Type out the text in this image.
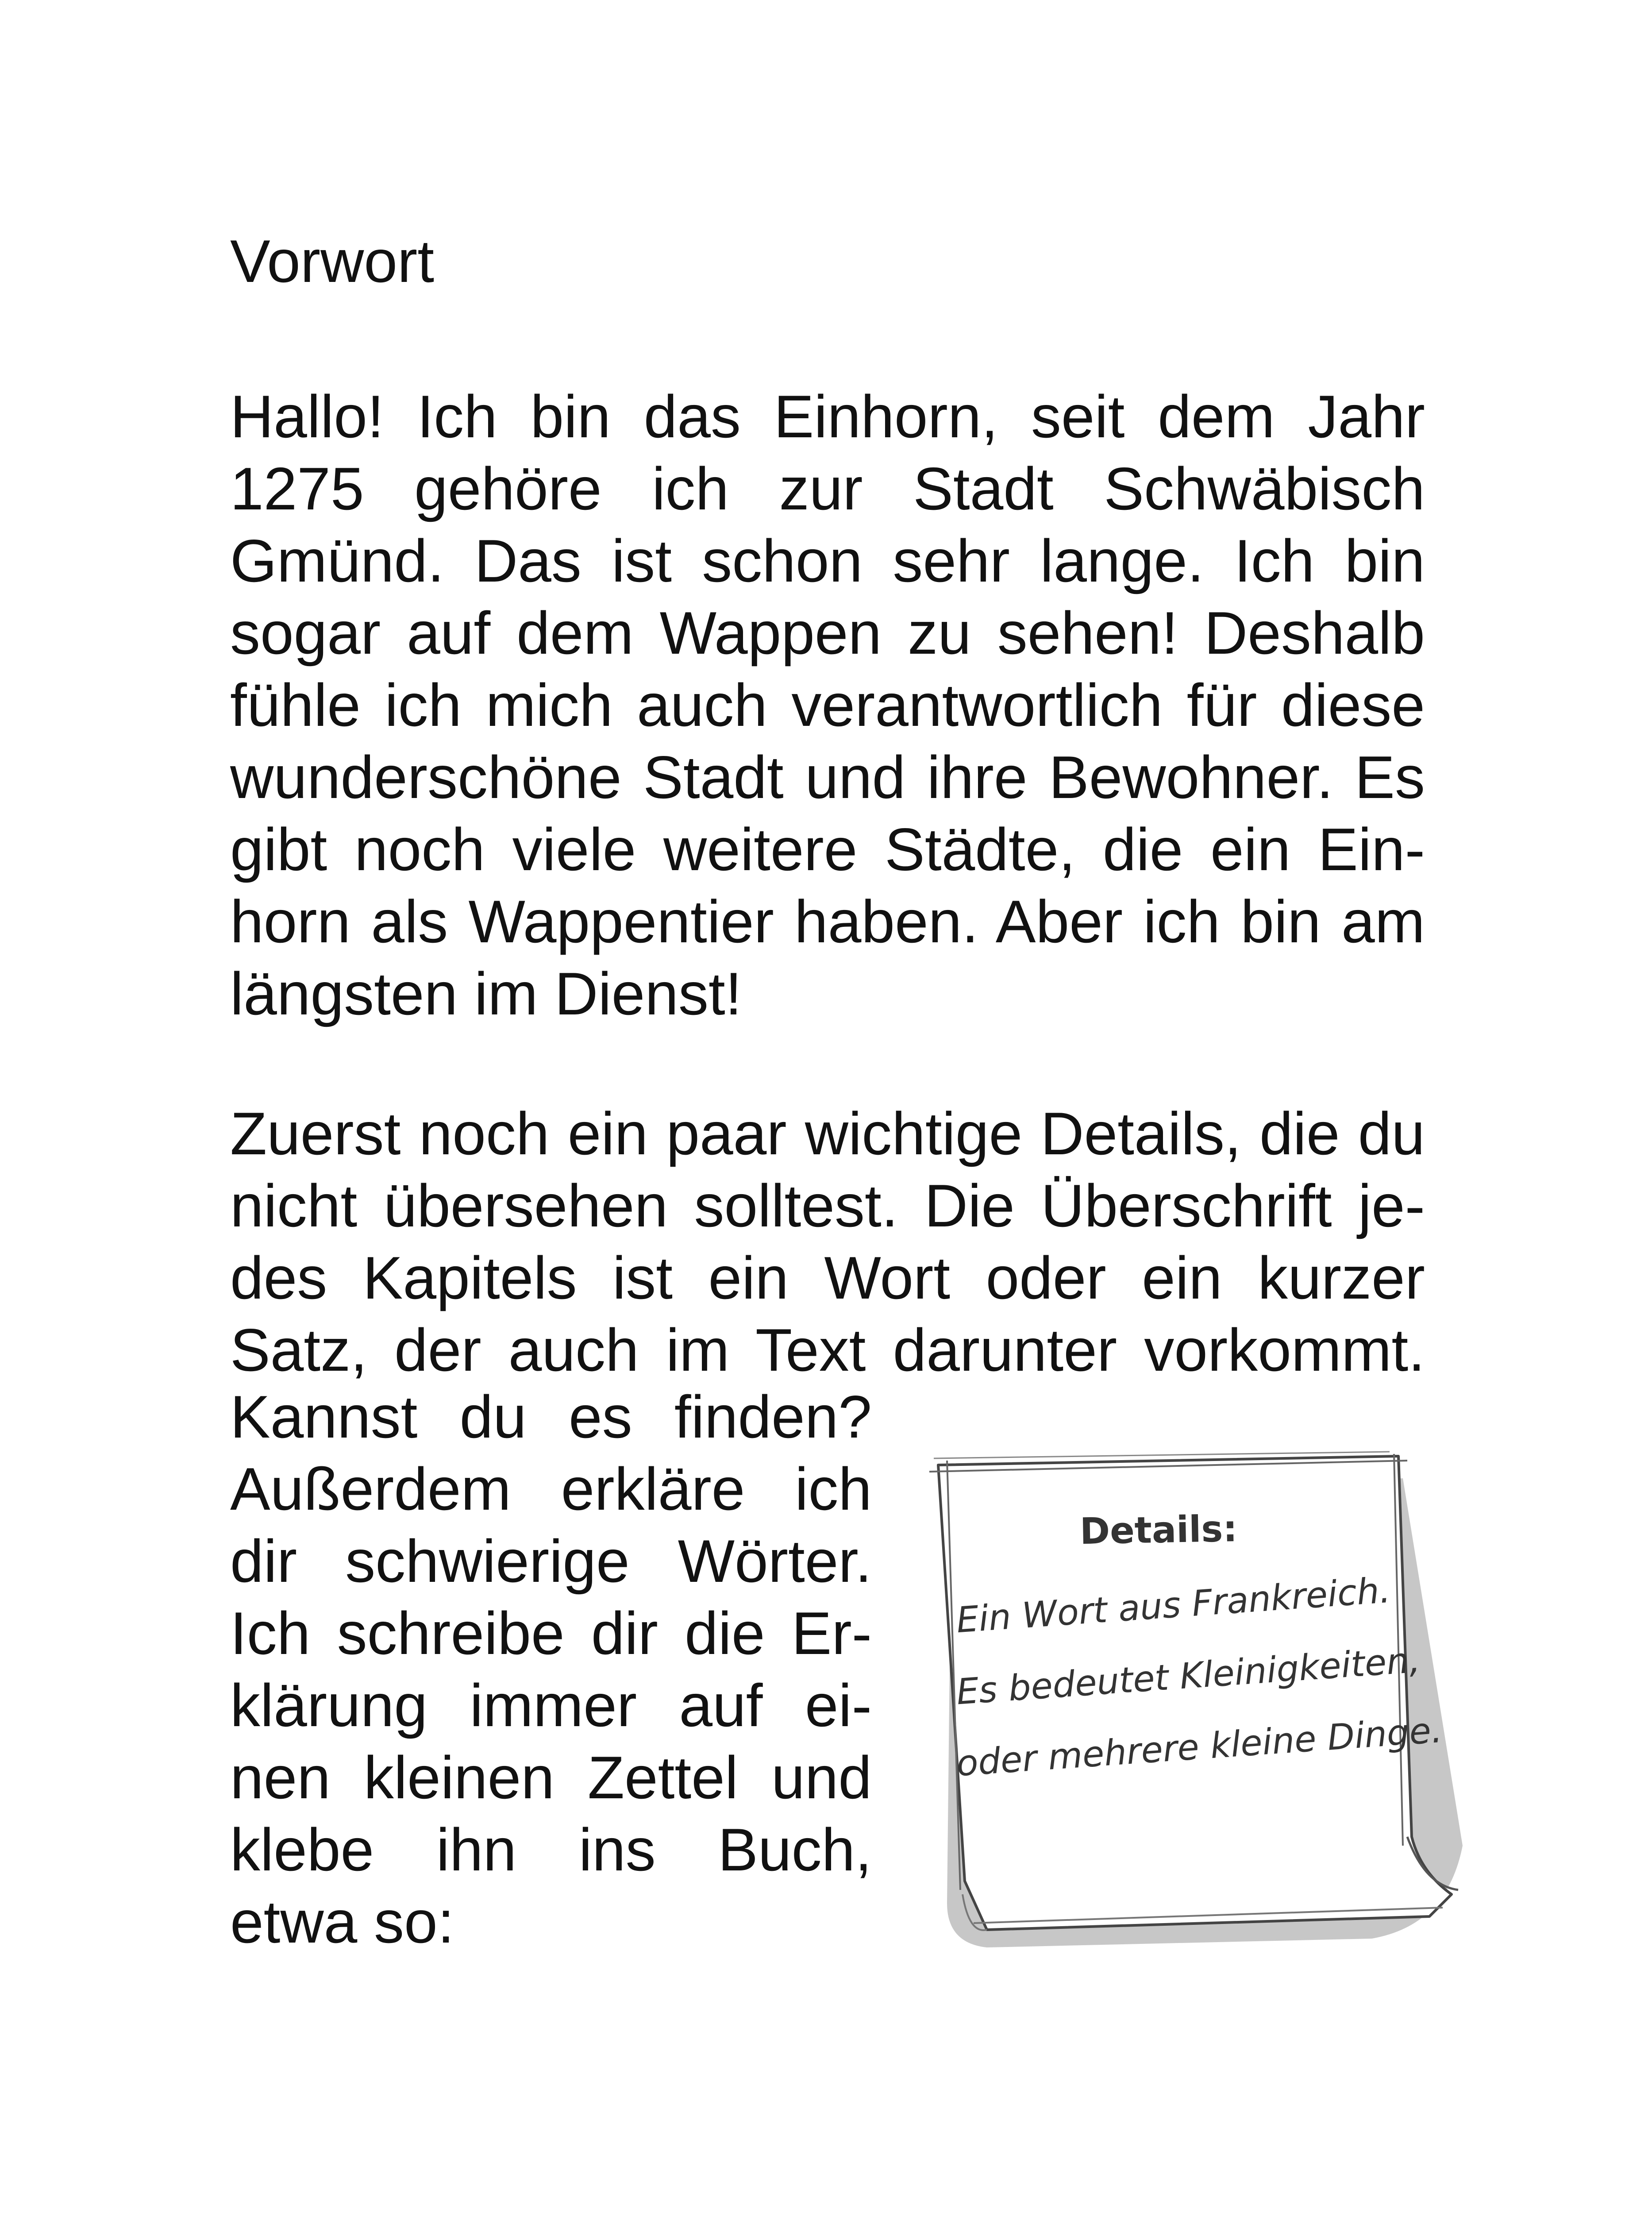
Vorwort
Hallo! Ich bin das Einhorn, seit dem Jahr
1275 gehöre ich zur Stadt Schwäbisch
Gmünd. Das ist schon sehr lange. Ich bin
sogar auf dem Wappen zu sehen! Deshalb
fühle ich mich auch verantwortlich für diese
wunderschöne Stadt und ihre Bewohner. Es
gibt noch viele weitere Städte, die ein Ein-
horn als Wappentier haben. Aber ich bin am
längsten im Dienst!
Zuerst noch ein paar wichtige Details, die du
nicht übersehen solltest. Die Überschrift je-
des Kapitels ist ein Wort oder ein kurzer
Satz, der auch im Text darunter vorkommt.
Kannst du es finden?
Außerdem erkläre ich
dir schwierige Wörter.
Ich schreibe dir die Er-
klärung immer auf ei-
nen kleinen Zettel und
klebe ihn ins Buch,
etwa so:
Details:
Ein Wort aus Frankreich.
Es bedeutet Kleinigkeiten,
oder mehrere kleine Dinge.
